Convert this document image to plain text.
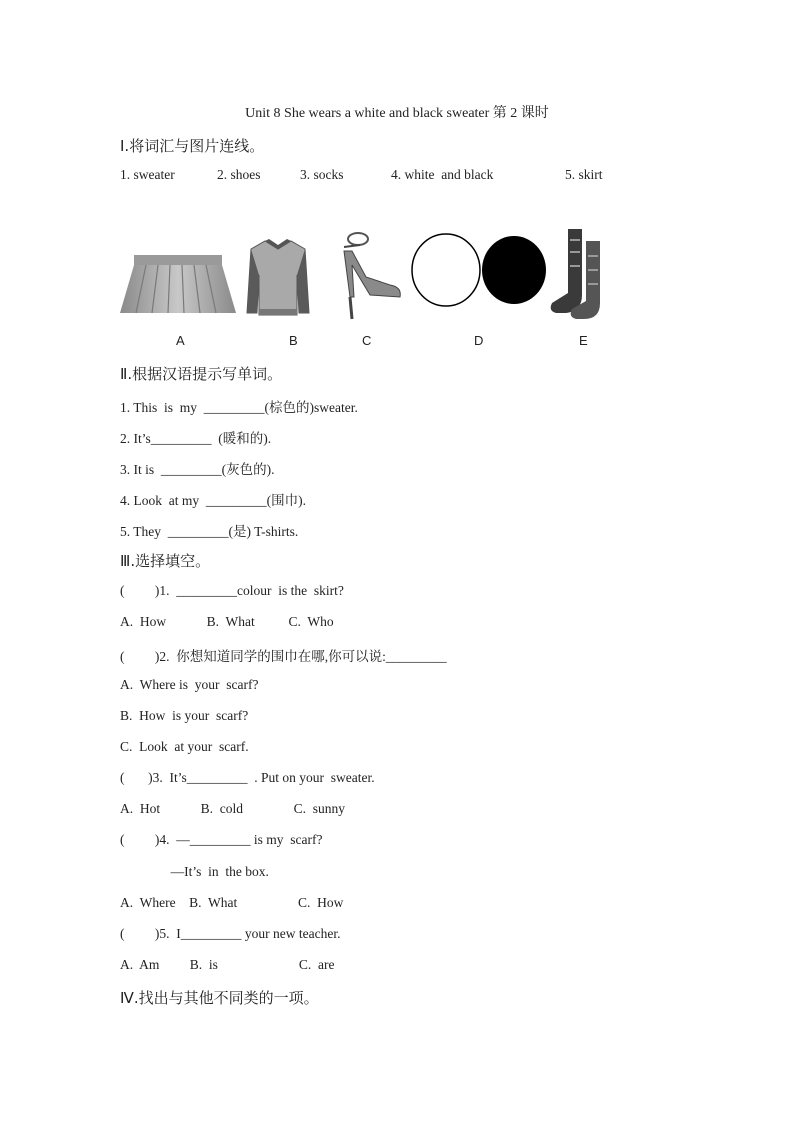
Unit 8 She wears a white and black sweater 第 2 课时
Ⅰ.将词汇与图片连线。
1. sweater	2. shoes	3. socks	4. white  and black	5. skirt
A	B	C	D	E
Ⅱ.根据汉语提示写单词。
1. This  is  my  _________(棕色的)sweater.
2. It’s_________  (暖和的).
3. It is  _________(灰色的).
4. Look  at my  _________(围巾).
5. They  _________(是) T-shirts.
Ⅲ.选择填空。
(         )1.  _________colour  is the  skirt?
A.  How            B.  What          C.  Who
(         )2.  你想知道同学的围巾在哪,你可以说:_________
A.  Where is  your  scarf?
B.  How  is your  scarf?
C.  Look  at your  scarf.
(       )3.  It’s_________  . Put on your  sweater.
A.  Hot            B.  cold               C.  sunny
(         )4.  —_________ is my  scarf?
—It’s  in  the box.
A.  Where    B.  What                  C.  How
(         )5.  I_________ your new teacher.
A.  Am         B.  is                        C.  are
Ⅳ.找出与其他不同类的一项。
